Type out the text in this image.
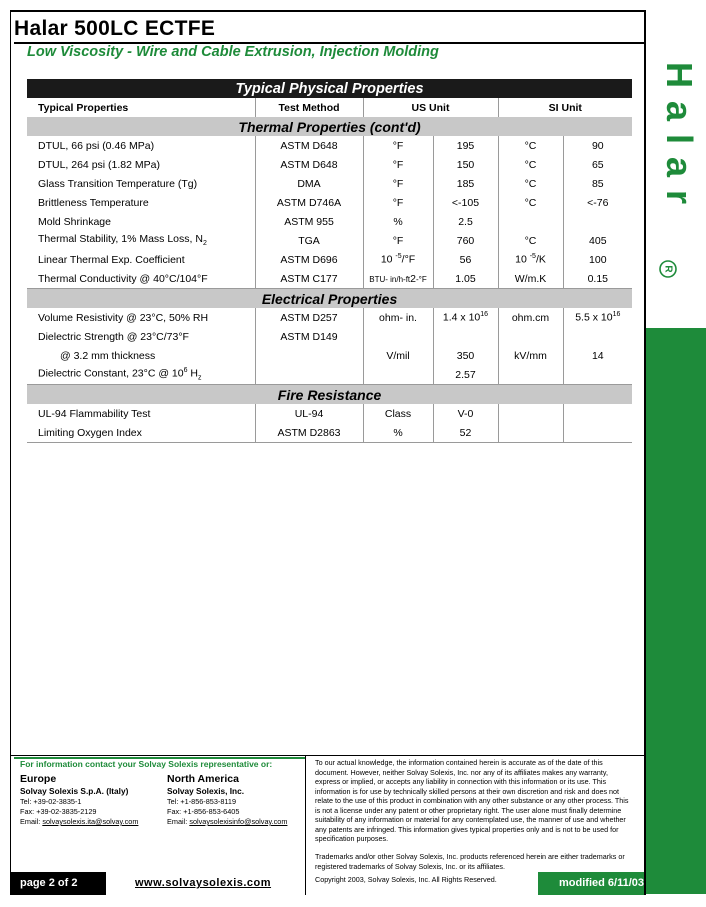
Halar 500LC ECTFE
Low Viscosity - Wire and Cable Extrusion, Injection Molding
Halar
R
Typical Physical Properties					
Typical Properties	Test Method	US Unit		SI Unit	
Thermal Properties (cont'd)					
DTUL, 66 psi (0.46 MPa)	ASTM D648	°F	195	°C	90
DTUL, 264 psi (1.82 MPa)	ASTM D648	°F	150	°C	65
Glass Transition Temperature (Tg)	DMA	°F	185	°C	85
Brittleness Temperature	ASTM D746A	°F	<-105	°C	<-76
Mold Shrinkage	ASTM 955	%	2.5		
Thermal Stability, 1% Mass Loss, $N_2$	TGA	°F	760	°C	405
Linear Thermal Exp. Coefficient	ASTM D696	10 $^{-5}$/°F	56	10 $^{-5}$/K	100
Thermal Conductivity @ 40°C/104°F	ASTM C177	BTU- in/h-ft2-°F	1.05	W/m.K	0.15
Electrical Properties					
Volume Resistivity @ 23°C, 50% RH	ASTM D257	ohm- in.	1.4 x $10^{16}$	ohm.cm	5.5 x $10^{16}$
Dielectric Strength @ 23°C/73°F	ASTM D149				
@ 3.2 mm thickness		V/mil	350	kV/mm	14
Dielectric Constant, 23°C @ $10^6$ $H_z$			2.57		
Fire Resistance					
UL-94 Flammability Test	UL-94	Class	V-0		
Limiting Oxygen Index	ASTM D2863	%	52		
For information contact your Solvay Solexis representative or:
Europe
Solvay Solexis S.p.A. (Italy)
Tel: +39-02-3835-1
Fax: +39-02-3835-2129
Email: solvaysolexis.ita@solvay.com
North America
Solvay Solexis, Inc.
Tel: +1-856-853-8119
Fax: +1-856-853-6405
Email: solvaysolexisinfo@solvay.com
To our actual knowledge, the information contained herein is accurate as of the date of this document. However, neither Solvay Solexis, Inc. nor any of its affiliates makes any warranty, express or implied, or accepts any liability in connection with this information or its use. This information is for use by technically skilled persons at their own discretion and risk and does not relate to the use of this product in combination with any other substance or any other process. This is not a license under any patent or other proprietary right. The user alone must finally determine suitability of any information or material for any contemplated use, the manner of use and whether any patents are infringed. This information gives typical properties only and is not to be used for specification purposes.
Trademarks and/or other Solvay Solexis, Inc. products referenced herein are either trademarks or registered trademarks of Solvay Solexis, Inc. or its affiliates.
Copyright 2003, Solvay Solexis, Inc. All Rights Reserved.
page 2 of 2	www.solvaysolexis.com	modified 6/11/03
